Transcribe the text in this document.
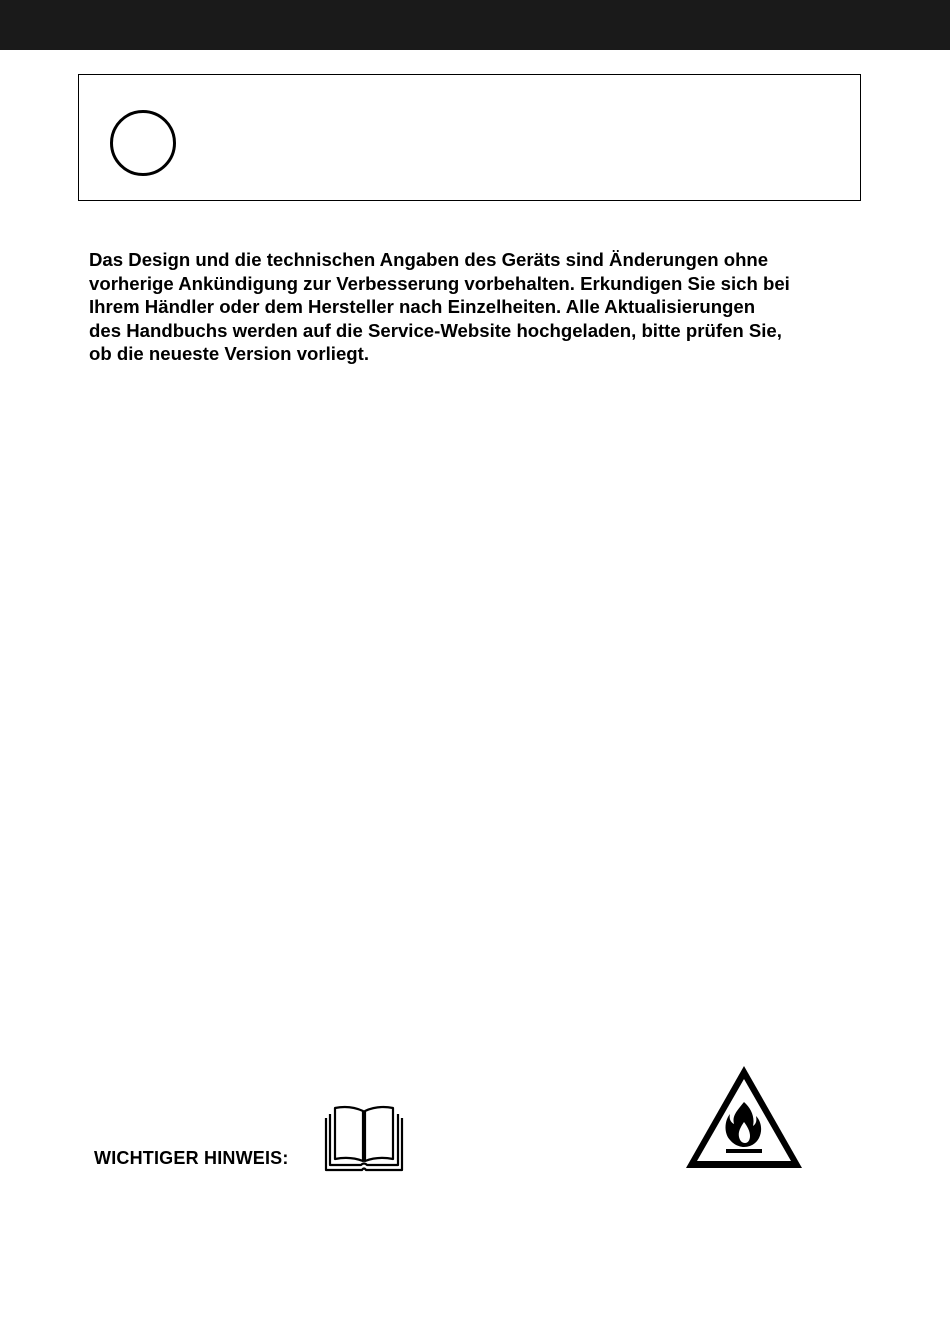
Das Design und die technischen Angaben des Geräts sind Änderungen ohne
vorherige Ankündigung zur Verbesserung vorbehalten. Erkundigen Sie sich bei
Ihrem Händler oder dem Hersteller nach Einzelheiten. Alle Aktualisierungen
des Handbuchs werden auf die Service-Website hochgeladen, bitte prüfen Sie,
ob die neueste Version vorliegt.

WICHTIGER HINWEIS:
